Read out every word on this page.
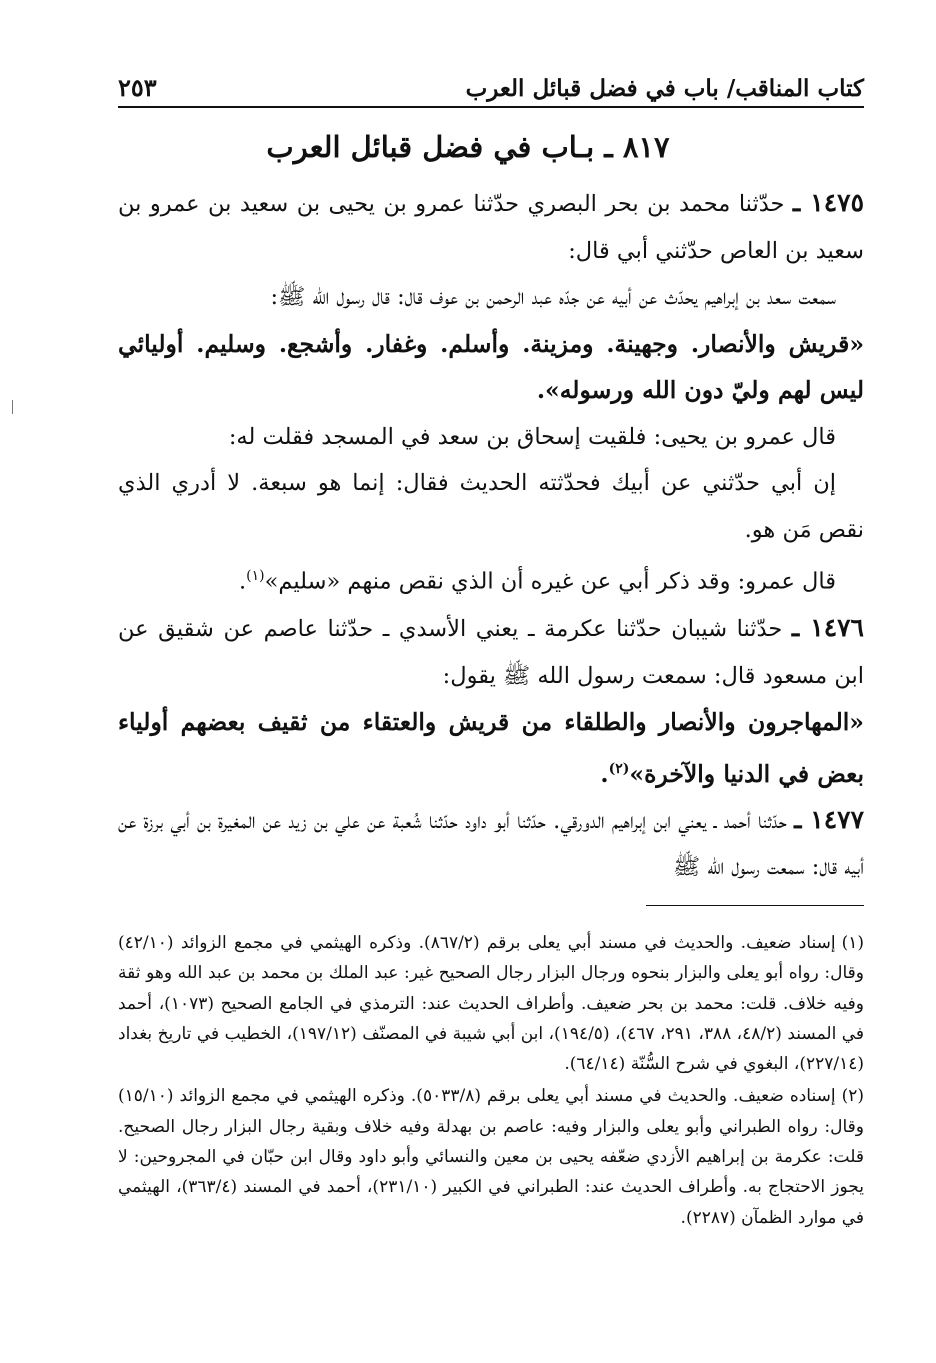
كتاب المناقب/ باب في فضل قبائل العرب
٢٥٣
٨١٧ ـ بـاب في فضل قبائل العرب

١٤٧٥ ـ حدّثنا محمد بن بحر البصري حدّثنا عمرو بن يحيى بن سعيد بن عمرو بن سعيد بن العاص حدّثني أبي قال:

سمعت سعد بن إبراهيم يحدّث عن أبيه عن جدّه عبد الرحمن بن عوف قال: قال رسول الله ﷺ:

«قريش والأنصار. وجهينة. ومزينة. وأسلم. وغفار. وأشجع. وسليم. أوليائي ليس لهم وليّ دون الله ورسوله».

قال عمرو بن يحيى: فلقيت إسحاق بن سعد في المسجد فقلت له:

إن أبي حدّثني عن أبيك فحدّثته الحديث فقال: إنما هو سبعة. لا أدري الذي نقص مَن هو.

قال عمرو: وقد ذكر أبي عن غيره أن الذي نقص منهم «سليم»$^{(١)}$.

١٤٧٦ ـ حدّثنا شيبان حدّثنا عكرمة ـ يعني الأسدي ـ حدّثنا عاصم عن شقيق عن ابن مسعود قال: سمعت رسول الله ﷺ يقول:

«المهاجرون والأنصار والطلقاء من قريش والعتقاء من ثقيف بعضهم أولياء بعض في الدنيا والآخرة»$^{(٢)}$.

١٤٧٧ ـ حدّثنا أحمد ـ يعني ابن إبراهيم الدورقي. حدّثنا أبو داود حدّثنا شُعبة عن علي بن زيد عن المغيرة بن أبي برزة عن أبيه قال: سمعت رسول الله ﷺ

(١)إسناد ضعيف. والحديث في مسند أبي يعلى برقم (٨٦٧/٢). وذكره الهيثمي في مجمع الزوائد (٤٢/١٠) وقال: رواه أبو يعلى والبزار بنحوه ورجال البزار رجال الصحيح غير: عبد الملك بن محمد بن عبد الله وهو ثقة وفيه خلاف. قلت: محمد بن بحر ضعيف. وأطراف الحديث عند: الترمذي في الجامع الصحيح (١٠٧٣)، أحمد في المسند (٤٨/٢، ٣٨٨، ٢٩١، ٤٦٧)، (١٩٤/٥)، ابن أبي شيبة في المصنّف (١٩٧/١٢)، الخطيب في تاريخ بغداد (٢٢٧/١٤)، البغوي في شرح السُّنّة (٦٤/١٤).

(٢)إسناده ضعيف. والحديث في مسند أبي يعلى برقم (٥٠٣٣/٨). وذكره الهيثمي في مجمع الزوائد (١٥/١٠) وقال: رواه الطبراني وأبو يعلى والبزار وفيه: عاصم بن بهدلة وفيه خلاف وبقية رجال البزار رجال الصحيح. قلت: عكرمة بن إبراهيم الأزدي ضعّفه يحيى بن معين والنسائي وأبو داود وقال ابن حبّان في المجروحين: لا يجوز الاحتجاج به. وأطراف الحديث عند: الطبراني في الكبير (٢٣١/١٠)، أحمد في المسند (٣٦٣/٤)، الهيثمي في موارد الظمآن (٢٢٨٧).
